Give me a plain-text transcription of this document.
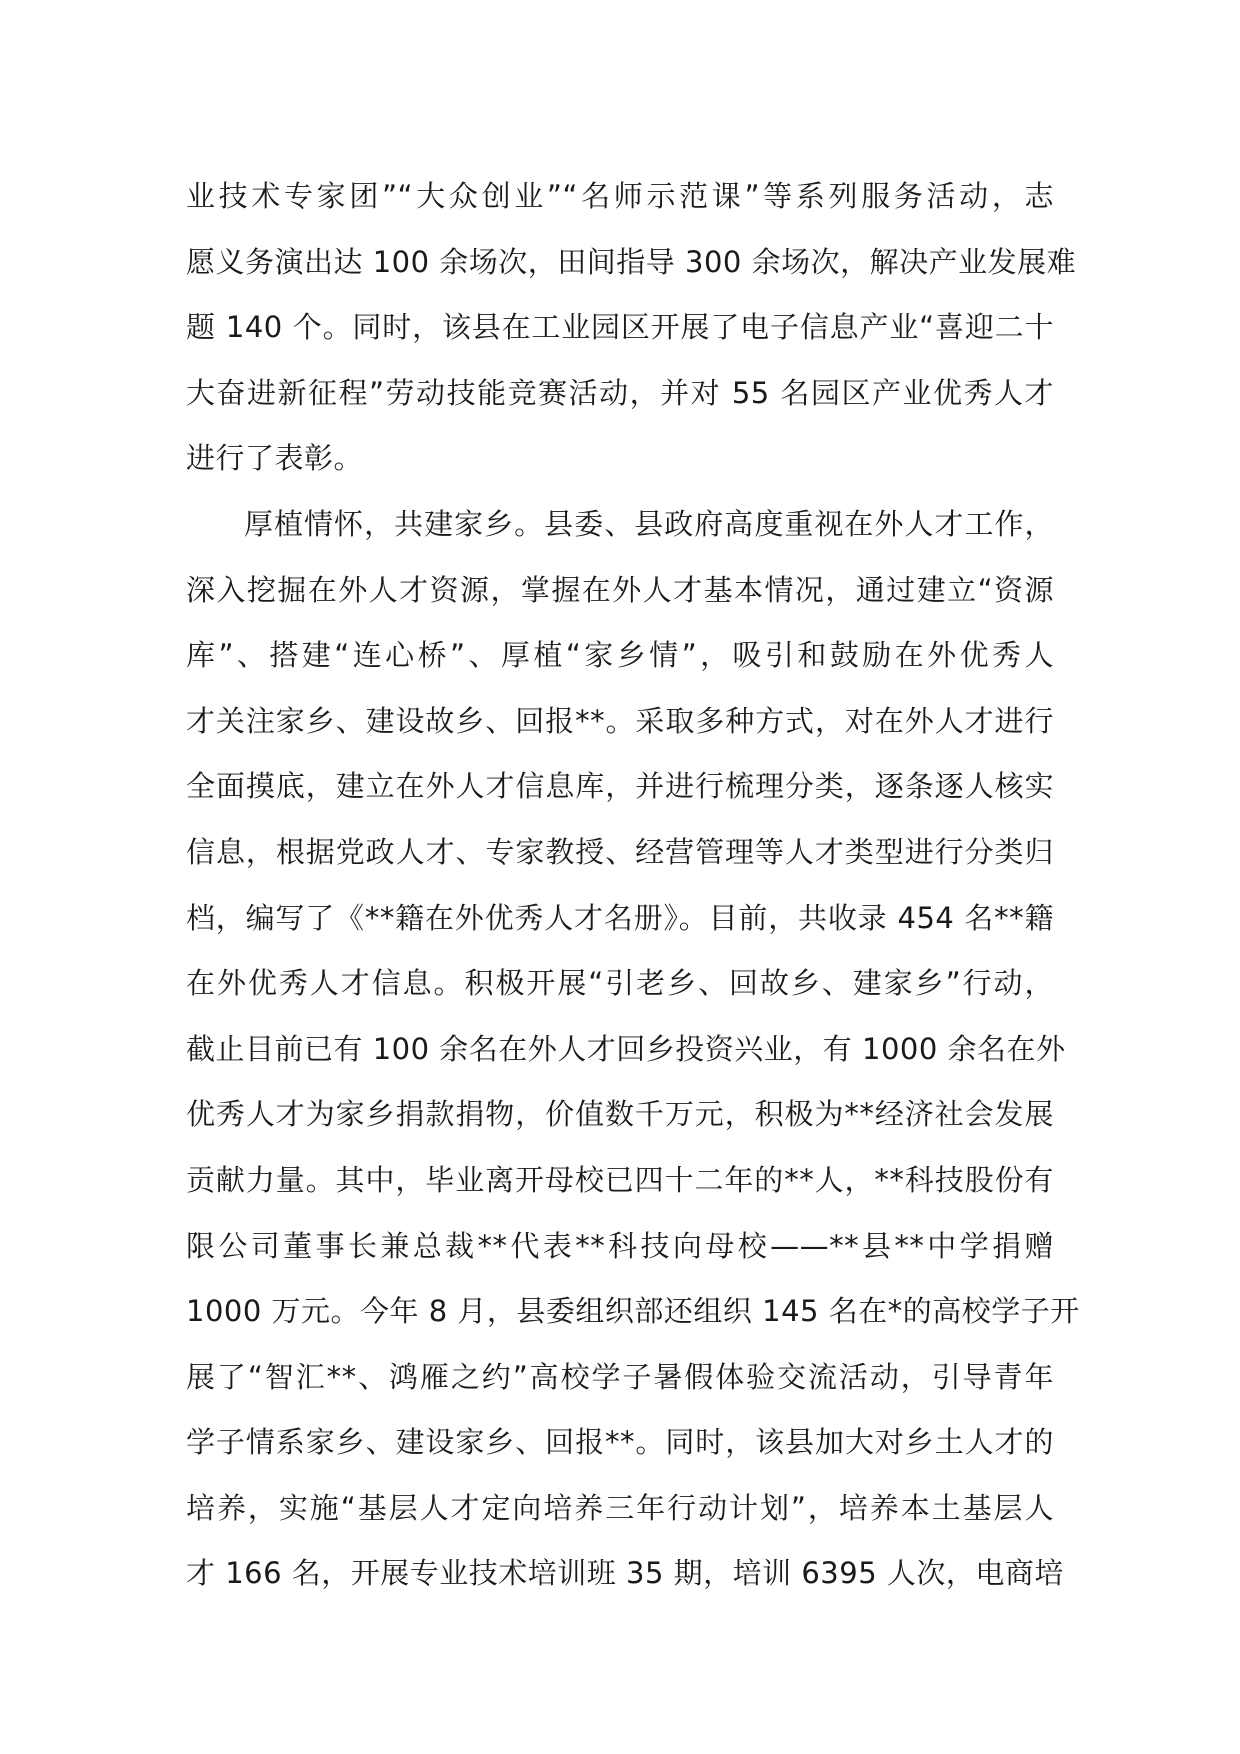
业技术专家团”“大众创业”“名师示范课”等系列服务活动，志
愿义务演出达 100 余场次，田间指导 300 余场次，解决产业发展难
题 140 个。同时，该县在工业园区开展了电子信息产业“喜迎二十
大奋进新征程”劳动技能竞赛活动，并对 55 名园区产业优秀人才
进行了表彰。
厚植情怀，共建家乡。县委、县政府高度重视在外人才工作，
深入挖掘在外人才资源，掌握在外人才基本情况，通过建立“资源
库”、搭建“连心桥”、厚植“家乡情”，吸引和鼓励在外优秀人
才关注家乡、建设故乡、回报**。采取多种方式，对在外人才进行
全面摸底，建立在外人才信息库，并进行梳理分类，逐条逐人核实
信息，根据党政人才、专家教授、经营管理等人才类型进行分类归
档，编写了《**籍在外优秀人才名册》。目前，共收录 454 名**籍
在外优秀人才信息。积极开展“引老乡、回故乡、建家乡”行动，
截止目前已有 100 余名在外人才回乡投资兴业，有 1000 余名在外
优秀人才为家乡捐款捐物，价值数千万元，积极为**经济社会发展
贡献力量。其中，毕业离开母校已四十二年的**人，**科技股份有
限公司董事长兼总裁**代表**科技向母校——**县**中学捐赠
1000 万元。今年 8 月，县委组织部还组织 145 名在*的高校学子开
展了“智汇**、鸿雁之约”高校学子暑假体验交流活动，引导青年
学子情系家乡、建设家乡、回报**。同时，该县加大对乡土人才的
培养，实施“基层人才定向培养三年行动计划”，培养本土基层人
才 166 名，开展专业技术培训班 35 期，培训 6395 人次，电商培
